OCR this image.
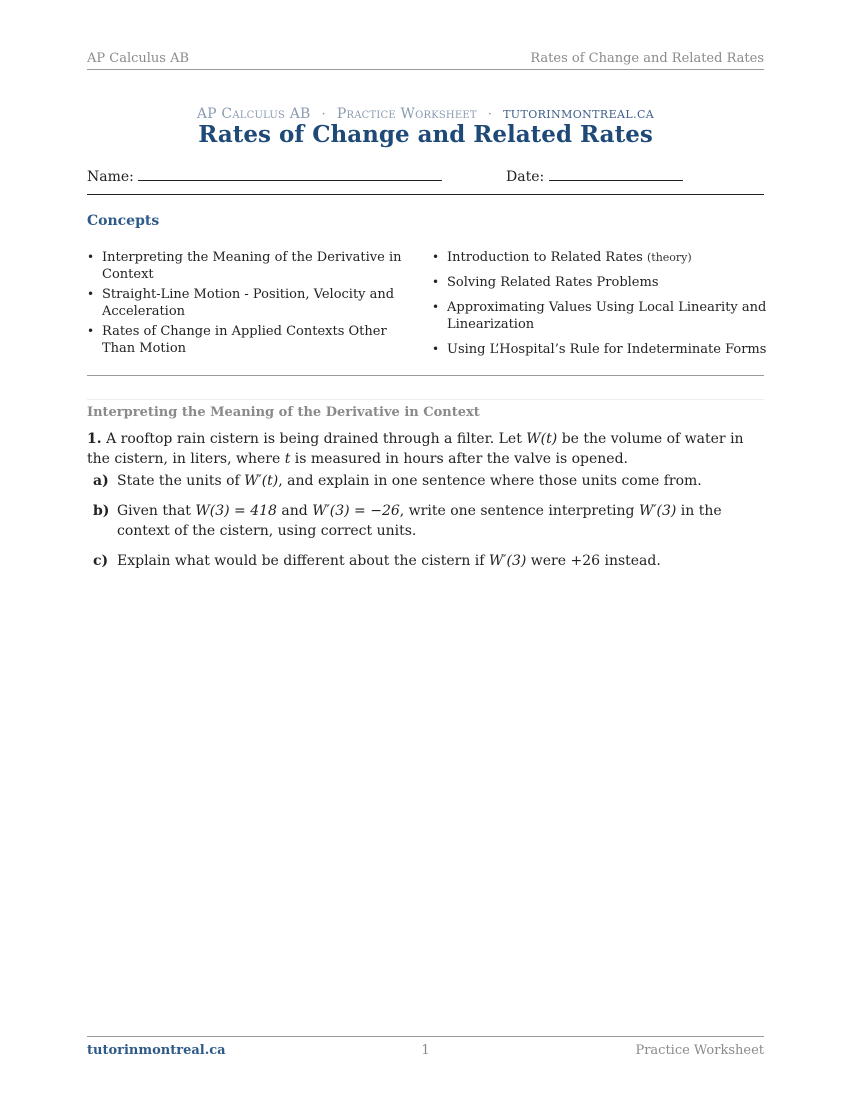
AP Calculus AB	Rates of Change and Related Rates
AP Calculus AB · Practice Worksheet · TUTORINMONTREAL.CA
Rates of Change and Related Rates
Name:	Date:
Concepts
• Interpreting the Meaning of the Derivative in Context
• Straight-Line Motion - Position, Velocity and Acceleration
• Rates of Change in Applied Contexts Other Than Motion
• Introduction to Related Rates (theory)
• Solving Related Rates Problems
• Approximating Values Using Local Linearity and Linearization
• Using L’Hospital’s Rule for Indeterminate Forms
Interpreting the Meaning of the Derivative in Context
1. A rooftop rain cistern is being drained through a filter. Let W(t) be the volume of water in the cistern, in liters, where t is measured in hours after the valve is opened.
a) State the units of W′(t), and explain in one sentence where those units come from.
b) Given that W(3) = 418 and W′(3) = −26, write one sentence interpreting W′(3) in the context of the cistern, using correct units.
c) Explain what would be different about the cistern if W′(3) were +26 instead.
tutorinmontreal.ca	1	Practice Worksheet
